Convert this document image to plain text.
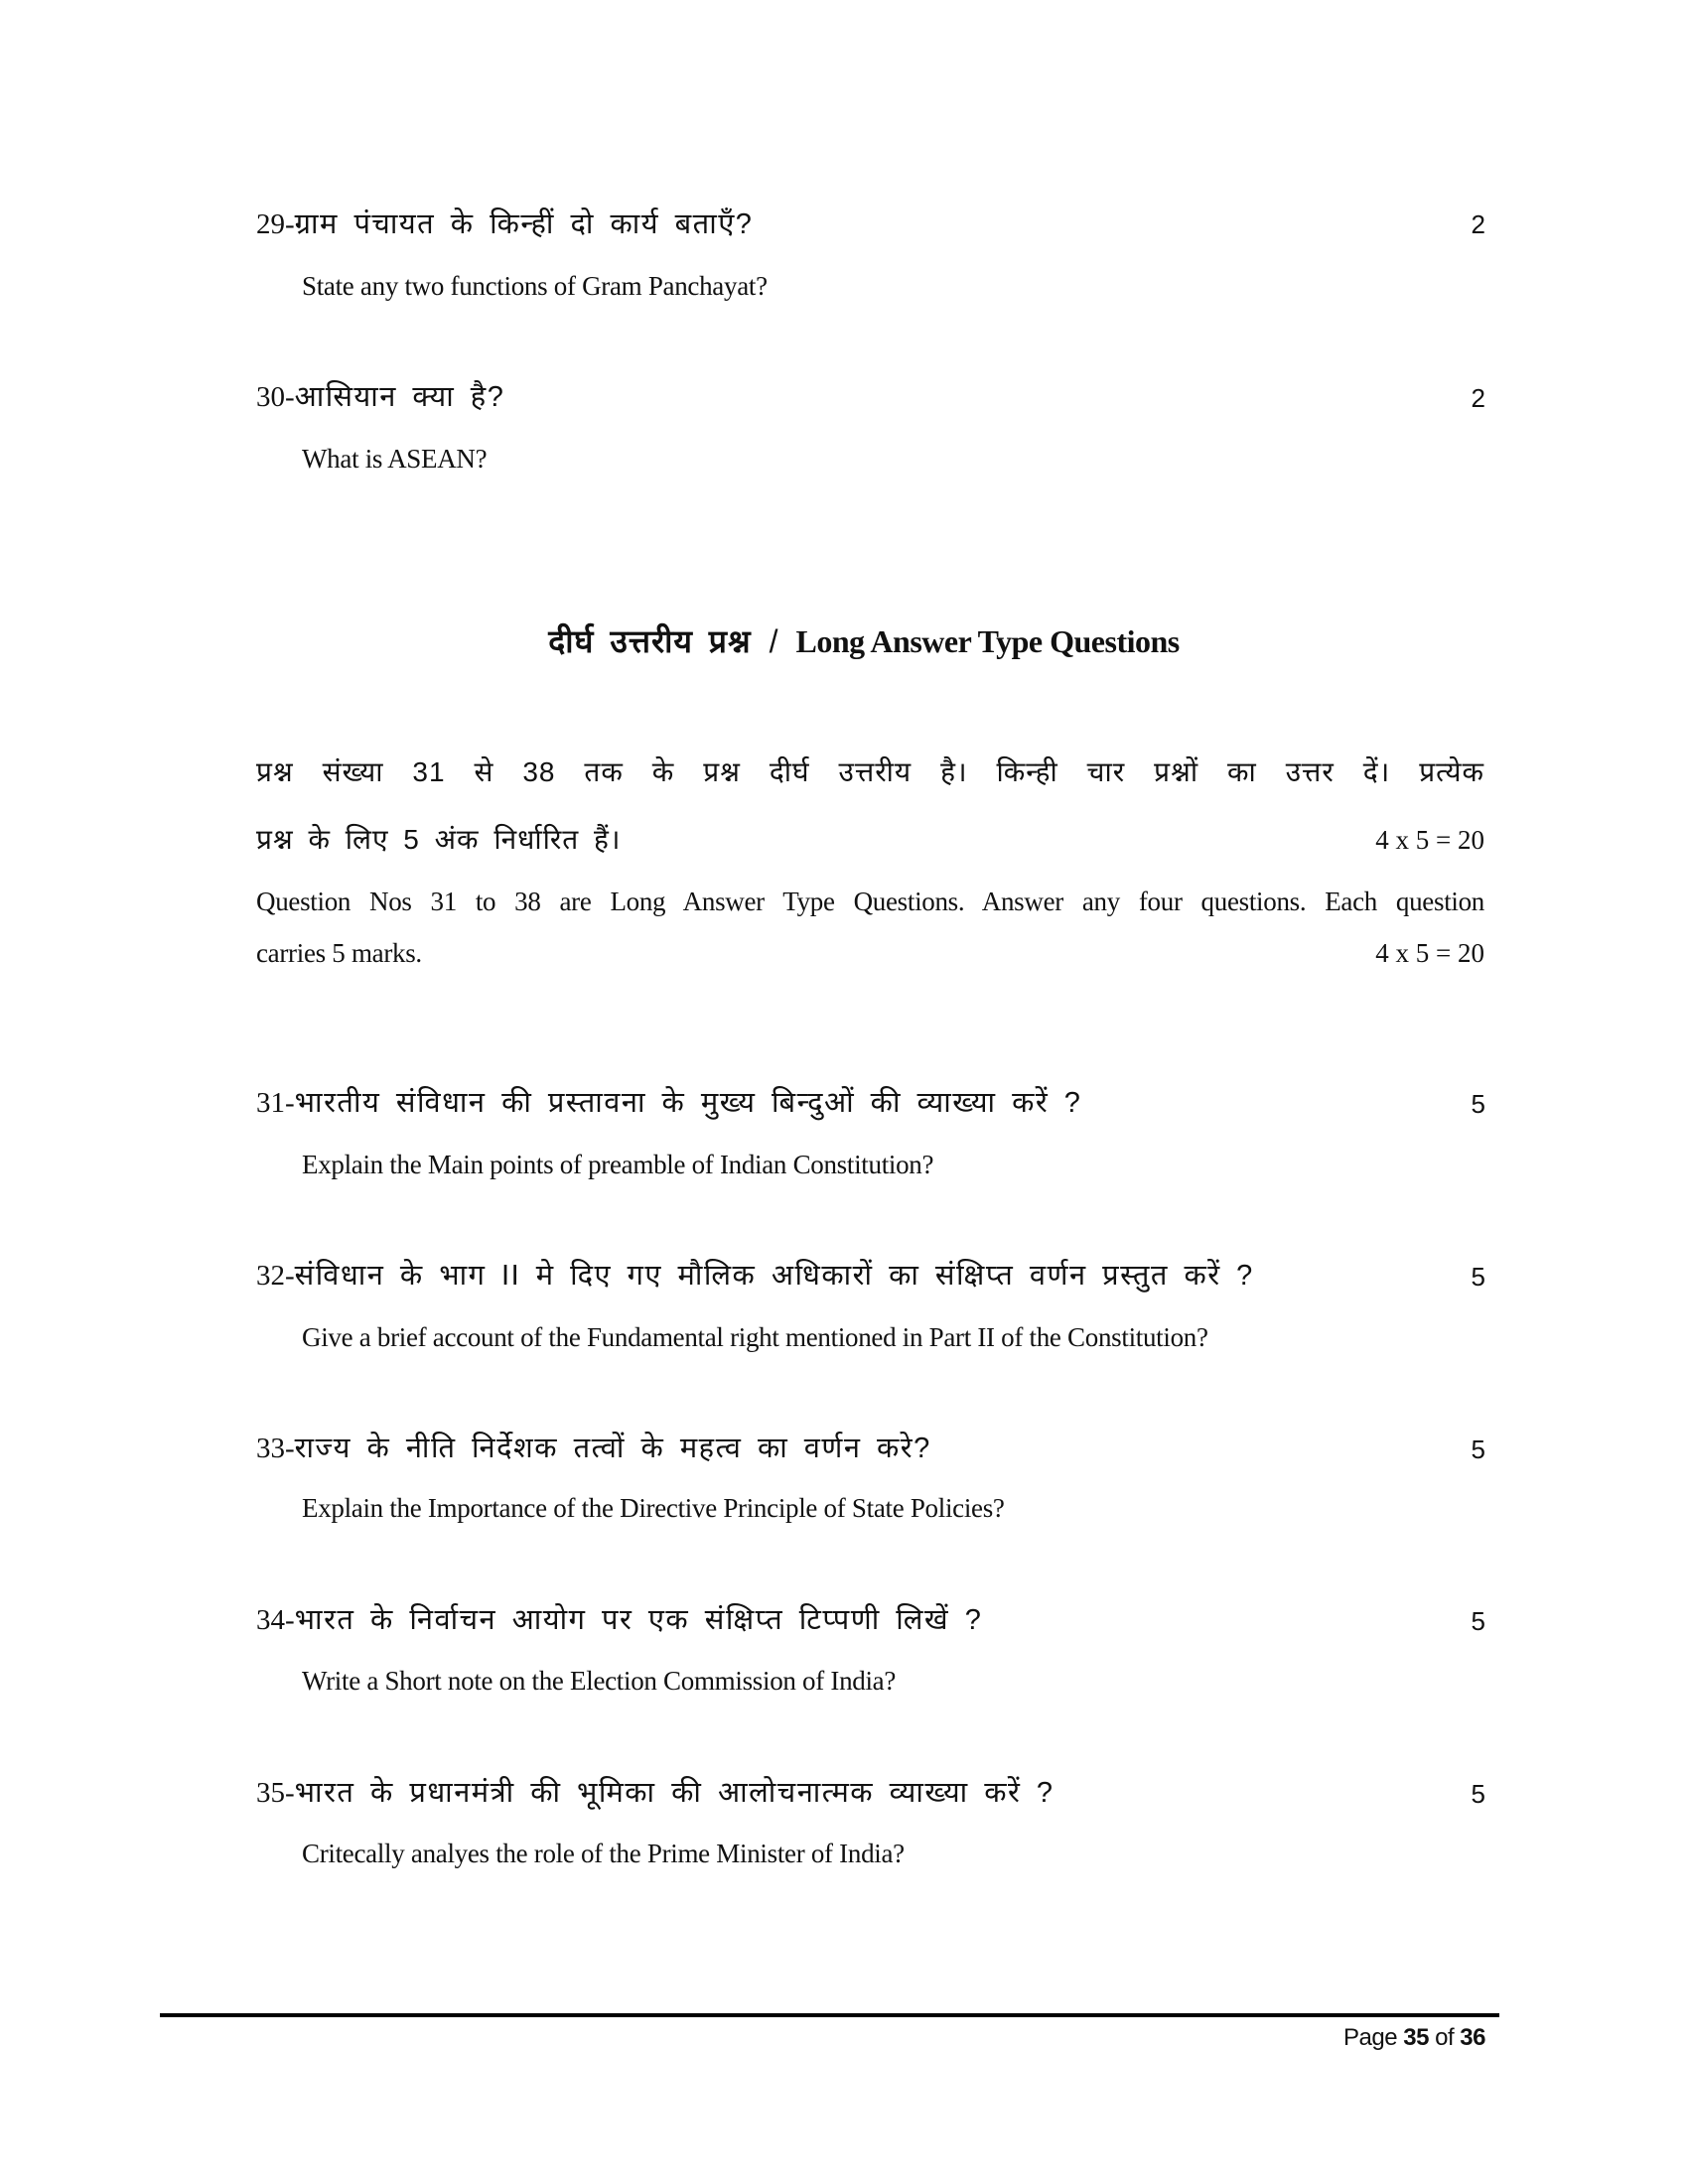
29-ग्राम पंचायत के किन्हीं दो कार्य बताएँ?	2
State any two functions of Gram Panchayat?
30-आसियान क्या है?	2
What is ASEAN?
दीर्घ उत्तरीय प्रश्न / Long Answer Type Questions
प्रश्न संख्या 31 से 38 तक के प्रश्न दीर्घ उत्तरीय है। किन्ही चार प्रश्नों का उत्तर दें। प्रत्येक
प्रश्न के लिए 5 अंक निर्धारित हैं।	4 x 5 = 20
Question Nos 31 to 38 are Long Answer Type Questions. Answer any four questions. Each question
carries 5 marks.	4 x 5 = 20
31-भारतीय संविधान की प्रस्तावना के मुख्य बिन्दुओं की व्याख्या करें ?	5
Explain the Main points of preamble of Indian Constitution?
32-संविधान के भाग II मे दिए गए मौलिक अधिकारों का संक्षिप्त वर्णन प्रस्तुत करें ?	5
Give a brief account of the Fundamental right mentioned in Part II of the Constitution?
33-राज्य के नीति निर्देशक तत्वों के महत्व का वर्णन करे?	5
Explain the Importance of the Directive Principle of State Policies?
34-भारत के निर्वाचन आयोग पर एक संक्षिप्त टिप्पणी लिखें ?	5
Write a Short note on the Election Commission of India?
35-भारत के प्रधानमंत्री की भूमिका की आलोचनात्मक व्याख्या करें ?	5
Critecally analyes the role of the Prime Minister of India?
Page 35 of 36
